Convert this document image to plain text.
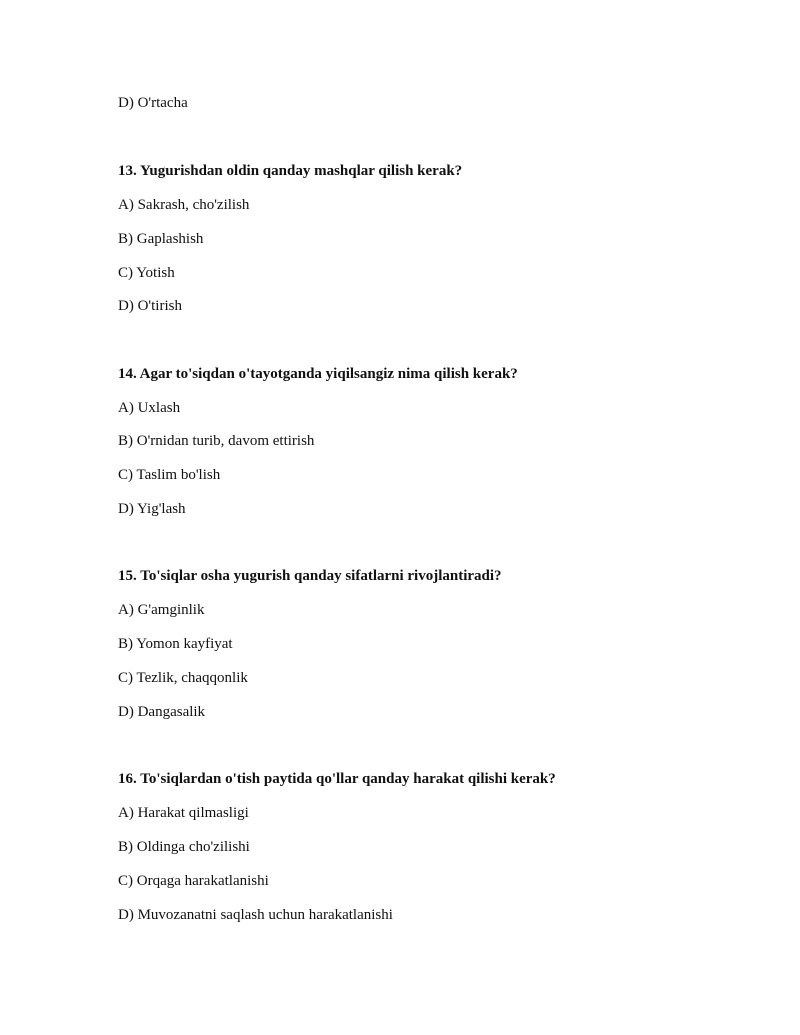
D) O'rtacha
13. Yugurishdan oldin qanday mashqlar qilish kerak?
A) Sakrash, cho'zilish
B) Gaplashish
C) Yotish
D) O'tirish
14. Agar to'siqdan o'tayotganda yiqilsangiz nima qilish kerak?
A) Uxlash
B) O'rnidan turib, davom ettirish
C) Taslim bo'lish
D) Yig'lash
15. To'siqlar osha yugurish qanday sifatlarni rivojlantiradi?
A) G'amginlik
B) Yomon kayfiyat
C) Tezlik, chaqqonlik
D) Dangasalik
16. To'siqlardan o'tish paytida qo'llar qanday harakat qilishi kerak?
A) Harakat qilmasligi
B) Oldinga cho'zilishi
C) Orqaga harakatlanishi
D) Muvozanatni saqlash uchun harakatlanishi
